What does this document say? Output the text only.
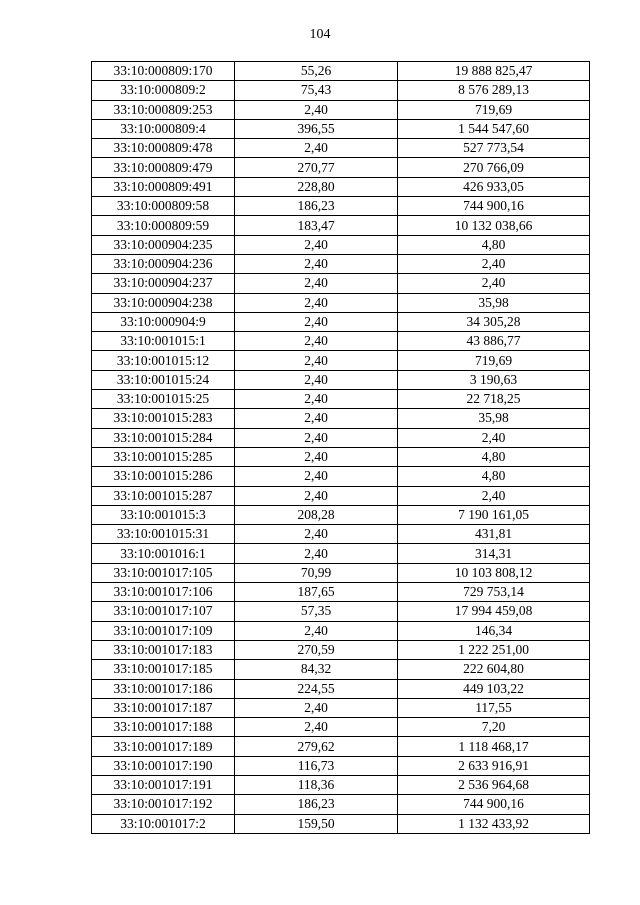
104
33:10:000809:170	55,26	19 888 825,47
33:10:000809:2	75,43	8 576 289,13
33:10:000809:253	2,40	719,69
33:10:000809:4	396,55	1 544 547,60
33:10:000809:478	2,40	527 773,54
33:10:000809:479	270,77	270 766,09
33:10:000809:491	228,80	426 933,05
33:10:000809:58	186,23	744 900,16
33:10:000809:59	183,47	10 132 038,66
33:10:000904:235	2,40	4,80
33:10:000904:236	2,40	2,40
33:10:000904:237	2,40	2,40
33:10:000904:238	2,40	35,98
33:10:000904:9	2,40	34 305,28
33:10:001015:1	2,40	43 886,77
33:10:001015:12	2,40	719,69
33:10:001015:24	2,40	3 190,63
33:10:001015:25	2,40	22 718,25
33:10:001015:283	2,40	35,98
33:10:001015:284	2,40	2,40
33:10:001015:285	2,40	4,80
33:10:001015:286	2,40	4,80
33:10:001015:287	2,40	2,40
33:10:001015:3	208,28	7 190 161,05
33:10:001015:31	2,40	431,81
33:10:001016:1	2,40	314,31
33:10:001017:105	70,99	10 103 808,12
33:10:001017:106	187,65	729 753,14
33:10:001017:107	57,35	17 994 459,08
33:10:001017:109	2,40	146,34
33:10:001017:183	270,59	1 222 251,00
33:10:001017:185	84,32	222 604,80
33:10:001017:186	224,55	449 103,22
33:10:001017:187	2,40	117,55
33:10:001017:188	2,40	7,20
33:10:001017:189	279,62	1 118 468,17
33:10:001017:190	116,73	2 633 916,91
33:10:001017:191	118,36	2 536 964,68
33:10:001017:192	186,23	744 900,16
33:10:001017:2	159,50	1 132 433,92
